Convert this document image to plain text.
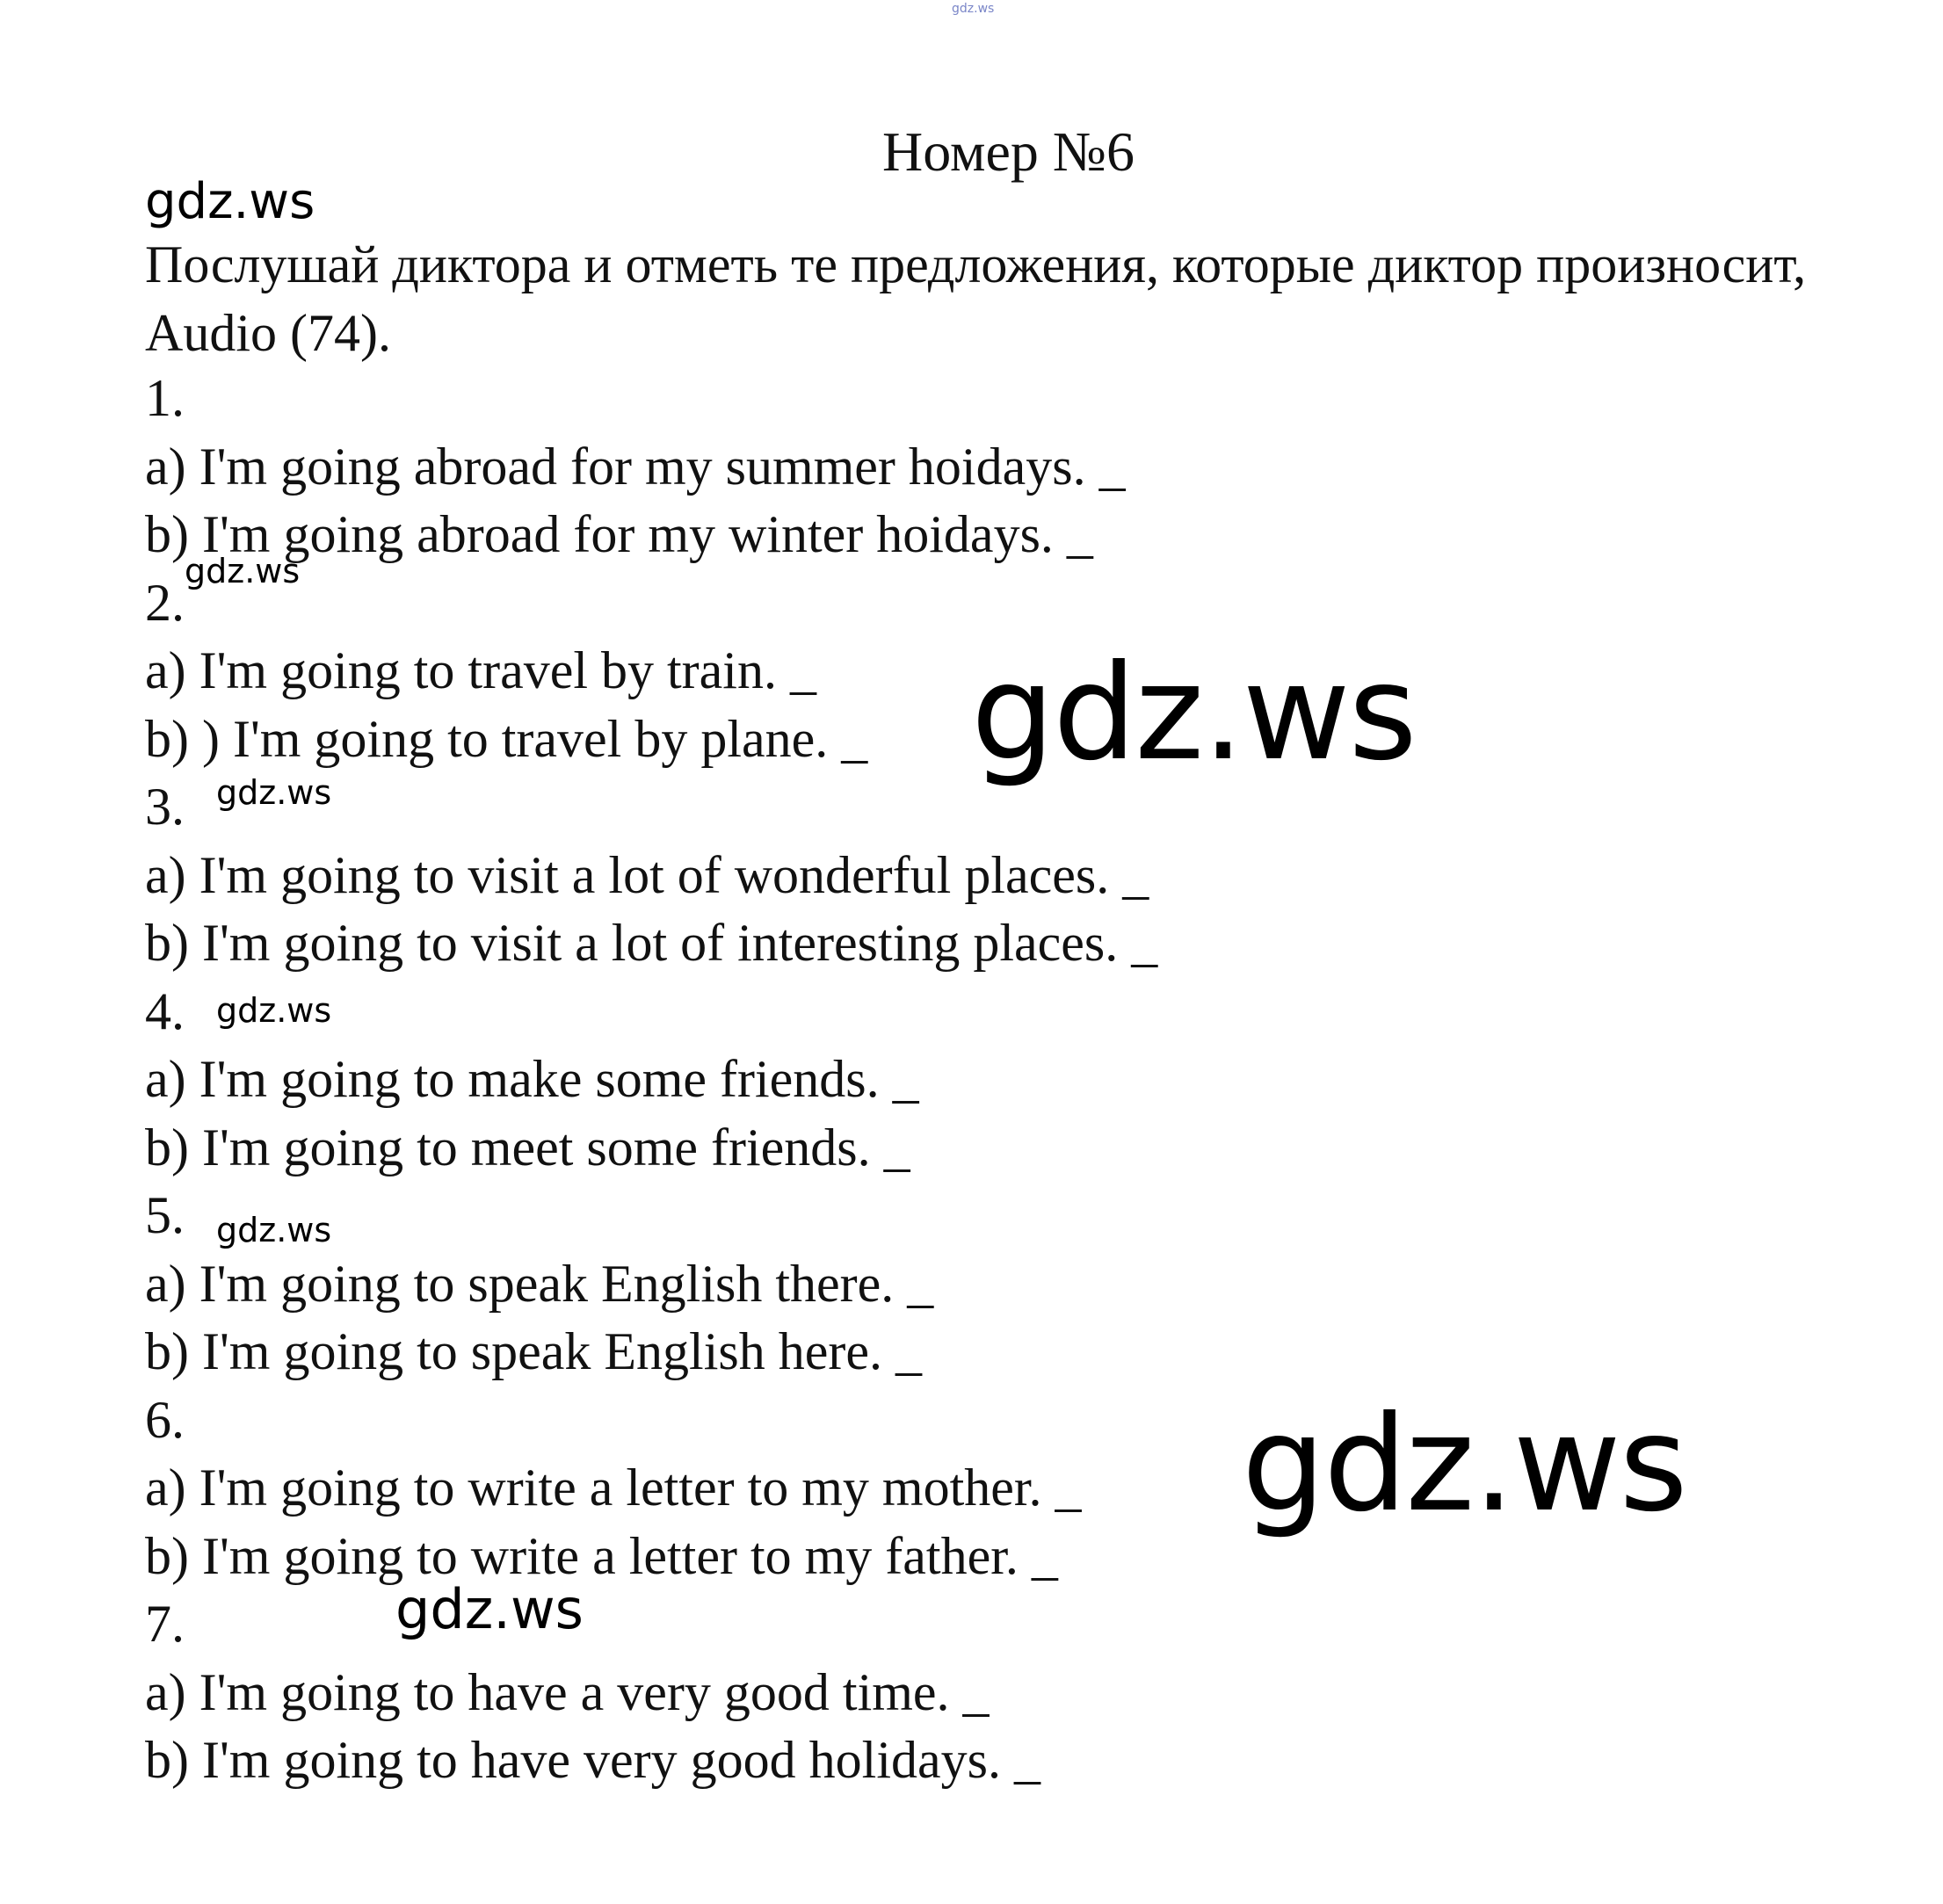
gdz.ws
Номер №6
gdz.ws
Послушай диктора и отметь те предложения, которые диктор произносит, Audio (74).
1.
a) I'm going abroad for my summer hoidays. _
b) I'm going abroad for my winter hoidays. _
2.
a) I'm going to travel by train. _
b) ) I'm going to travel by plane. _
3.
a) I'm going to visit a lot of wonderful places. _
b) I'm going to visit a lot of interesting places. _
4.
a) I'm going to make some friends. _
b) I'm going to meet some friends. _
5.
a) I'm going to speak English there. _
b) I'm going to speak English here. _
6.
a) I'm going to write a letter to my mother. _
b) I'm going to write a letter to my father. _
7.
a) I'm going to have a very good time. _
b) I'm going to have very good holidays. _
gdz.ws
gdz.ws
gdz.ws
gdz.ws
gdz.ws
gdz.ws
gdz.ws
